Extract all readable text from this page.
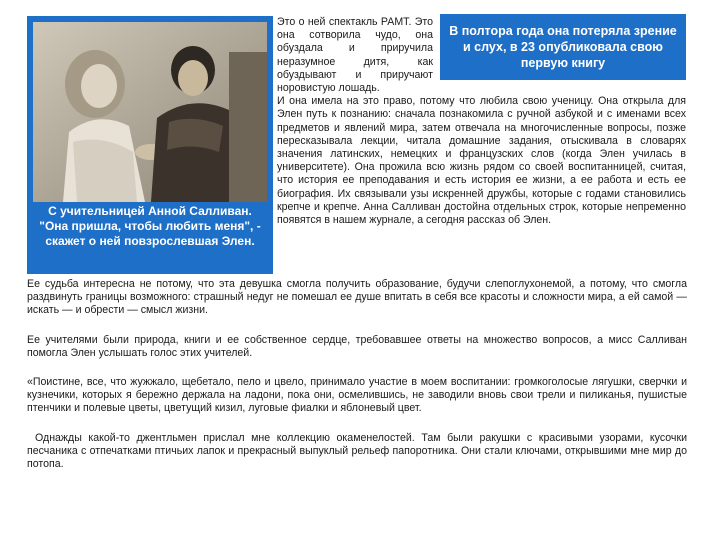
С учительницей Анной Салливан. "Она пришла, чтобы любить меня", - скажет о ней повзрослевшая Элен.
В полтора года она потеряла зрение и слух, в 23 опубликовала свою первую книгу
Это о ней спектакль РАМТ. Это она сотворила чудо, она обуздала и приручила неразумное дитя, как обуздывают и приручают норовистую лошадь.
И она имела на это право, потому что любила свою ученицу. Она открыла для Элен путь к познанию: сначала познакомила с ручной азбукой и с именами всех предметов и явлений мира, затем отвечала на многочисленные вопросы, позже пересказывала лекции, читала домашние задания, отыскивала в словарях значения латинских, немецких и французских слов (когда Элен училась в университете). Она прожила всю жизнь рядом со своей воспитанницей, считая, что история ее преподавания и есть история ее жизни, а ее работа и есть ее биография. Их связывали узы искренней дружбы, которые с годами становились крепче и крепче. Анна Салливан достойна отдельных строк, которые непременно появятся в нашем журнале, а сегодня рассказ об Элен.
Ее судьба интересна не потому, что эта девушка смогла получить образование, будучи слепоглухонемой, а потому, что смогла раздвинуть границы возможного: страшный недуг не помешал ее душе впитать в себя все красоты и сложности мира, а ей самой — искать — и обрести — смысл жизни.
Ее учителями были природа, книги и ее собственное сердце, требовавшее ответы на множество вопросов, а мисс Салливан помогла Элен услышать голос этих учителей.
«Поистине, все, что жужжало, щебетало, пело и цвело, принимало участие в моем воспитании: громкоголосые лягушки, сверчки и кузнечики, которых я бережно держала на ладони, пока они, осмелившись, не заводили вновь свои трели и пиликанья, пушистые птенчики и полевые цветы, цветущий кизил, луговые фиалки и яблоневый цвет.
Однажды какой-то джентльмен прислал мне коллекцию окаменелостей. Там были ракушки с красивыми узорами, кусочки песчаника с отпечатками птичьих лапок и прекрасный выпуклый рельеф папоротника. Они стали ключами, открывшими мне мир до потопа.
